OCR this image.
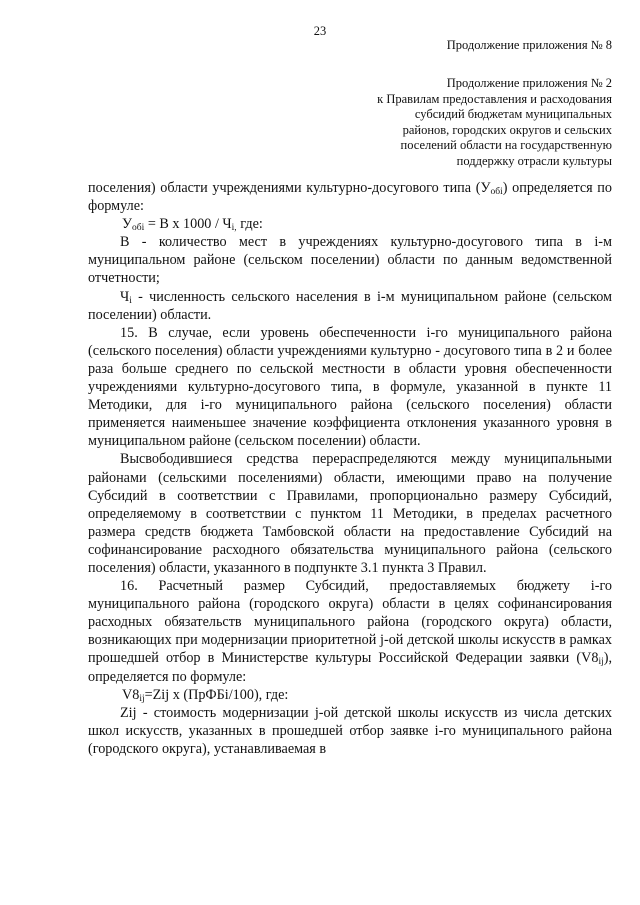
23
Продолжение приложения № 8
Продолжение приложения № 2
к Правилам предоставления и расходования
субсидий бюджетам муниципальных
районов, городских округов и сельских
поселений области на государственную
поддержку отрасли культуры

поселения) области учреждениями культурно-досугового типа $(У_{обi})$ определяется по формуле:

$У_{обi} = В$ х $1000 / Ч_{i,}$ где:

В - количество мест в учреждениях культурно-досугового типа в i-м муниципальном районе (сельском поселении) области по данным ведомственной отчетности;

$Ч_i$ - численность сельского населения в i-м муниципальном районе (сельском поселении) области.

15. В случае, если уровень обеспеченности i-го муниципального района (сельского поселения) области учреждениями культурно - досугового типа в 2 и более раза больше среднего по сельской местности в области уровня обеспеченности учреждениями культурно-досугового типа, в формуле, указанной в пункте 11 Методики, для i-го муниципального района (сельского поселения) области применяется наименьшее значение коэффициента отклонения указанного уровня в муниципальном районе (сельском поселении) области.

Высвободившиеся средства перераспределяются между муниципальными районами (сельскими поселениями) области, имеющими право на получение Субсидий в соответствии с Правилами, пропорционально размеру Субсидий, определяемому в соответствии с пунктом 11 Методики, в пределах расчетного размера средств бюджета Тамбовской области на предоставление Субсидий на софинансирование расходного обязательства муниципального района (сельского поселения) области, указанного в подпункте 3.1 пункта 3 Правил.

16. Расчетный размер Субсидий, предоставляемых бюджету i-го муниципального района (городского округа) области в целях софинансирования расходных обязательств муниципального района (городского округа) области, возникающих при модернизации приоритетной j-ой детской школы искусств в рамках прошедшей отбор в Министерстве культуры Российской Федерации заявки $(V8_{ij})$, определяется по формуле:

$V8_{ij}=Zij$ х (ПрФБi/100), где:

Zij - стоимость модернизации j-ой детской школы искусств из числа детских школ искусств, указанных в прошедшей отбор заявке i-го муниципального района (городского округа), устанавливаемая в
